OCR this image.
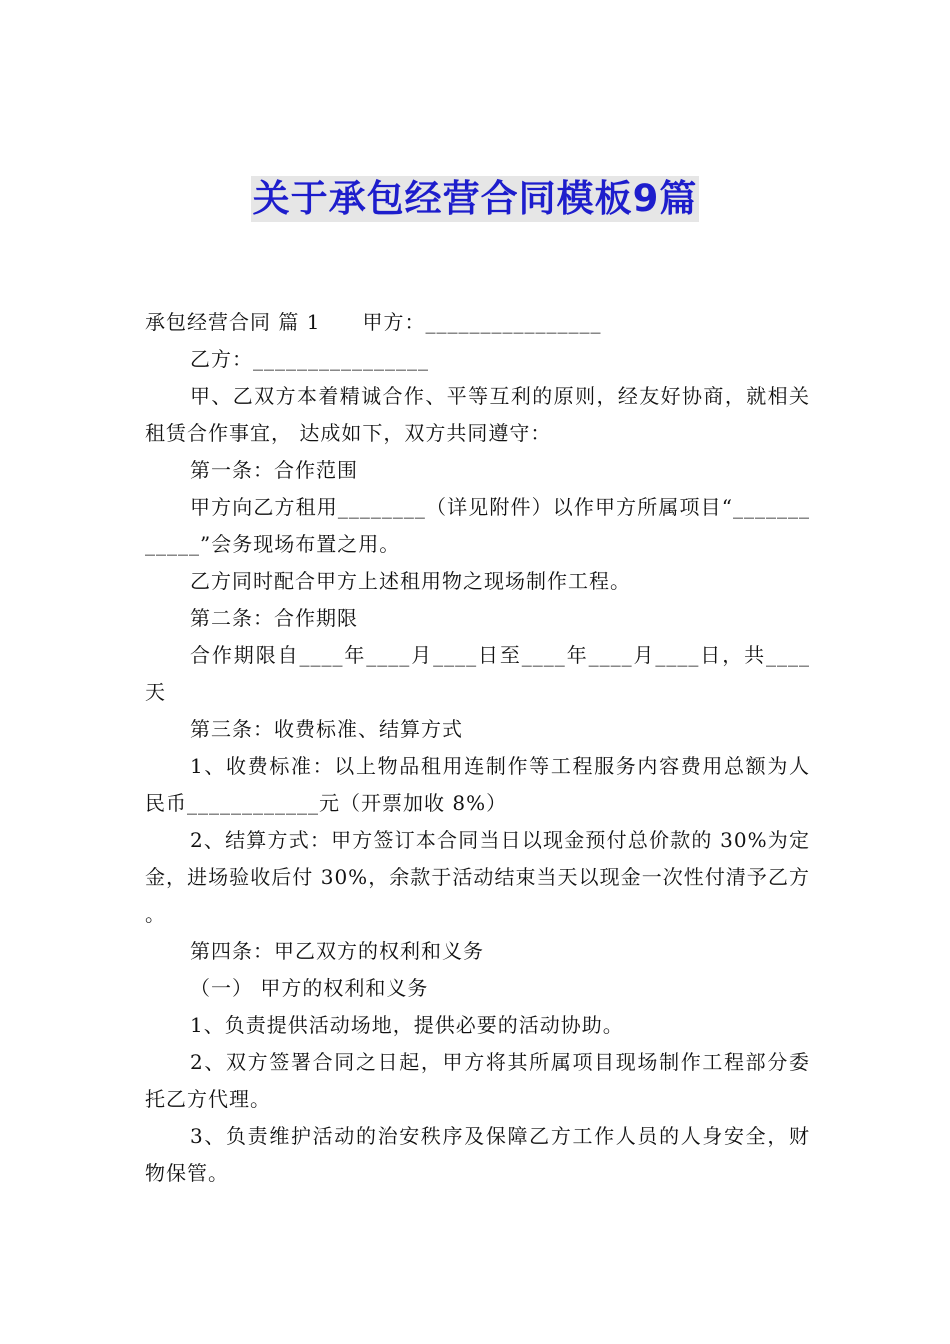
关于承包经营合同模板9篇

承包经营合同 篇 1　　甲方：________________

乙方：________________

甲、乙双方本着精诚合作、平等互利的原则，经友好协商，就相关租赁合作事宜， 达成如下，双方共同遵守：

第一条：合作范围

甲方向乙方租用________（详见附件）以作甲方所属项目“____________”会务现场布置之用。

乙方同时配合甲方上述租用物之现场制作工程。

第二条：合作期限

合作期限自____年____月____日至____年____月____日，共____天

第三条：收费标准、结算方式

1、收费标准：以上物品租用连制作等工程服务内容费用总额为人民币____________元（开票加收 8%）

2、结算方式：甲方签订本合同当日以现金预付总价款的 30%为定金，进场验收后付 30%，余款于活动结束当天以现金一次性付清予乙方 。

第四条：甲乙双方的权利和义务

（一） 甲方的权利和义务

1、负责提供活动场地，提供必要的活动协助。

2、双方签署合同之日起，甲方将其所属项目现场制作工程部分委托乙方代理。

3、负责维护活动的治安秩序及保障乙方工作人员的人身安全，财物保管。
